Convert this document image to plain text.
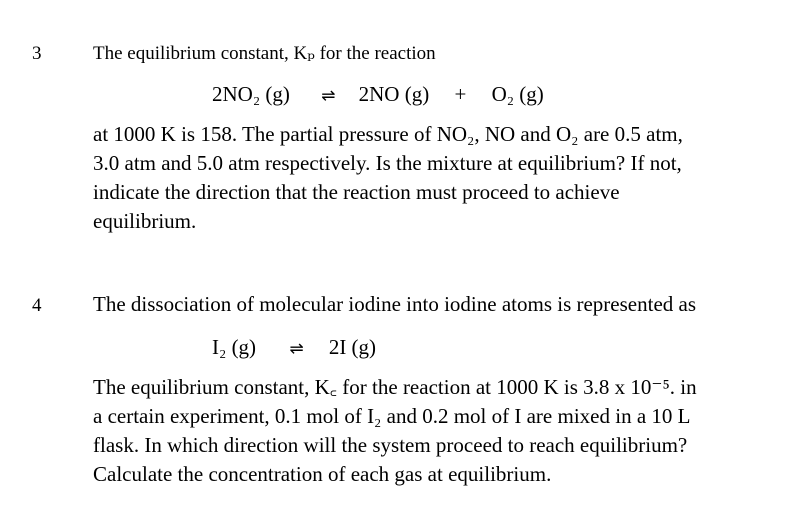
3	The equilibrium constant, Kₚ for the reaction
2NO₂ (g) ⇌ 2NO (g) + O₂ (g)

at 1000 K is 158. The partial pressure of NO₂, NO and O₂ are 0.5 atm,
3.0 atm and 5.0 atm respectively. Is the mixture at equilibrium? If not,
indicate the direction that the reaction must proceed to achieve
equilibrium.

4 The dissociation of molecular iodine into iodine atoms is represented as
I₂ (g) ⇌ 2I (g)

The equilibrium constant, K꜀ for the reaction at 1000 K is 3.8 x 10⁻⁵. in
a certain experiment, 0.1 mol of I₂ and 0.2 mol of I are mixed in a 10 L
flask. In which direction will the system proceed to reach equilibrium?
Calculate the concentration of each gas at equilibrium.
